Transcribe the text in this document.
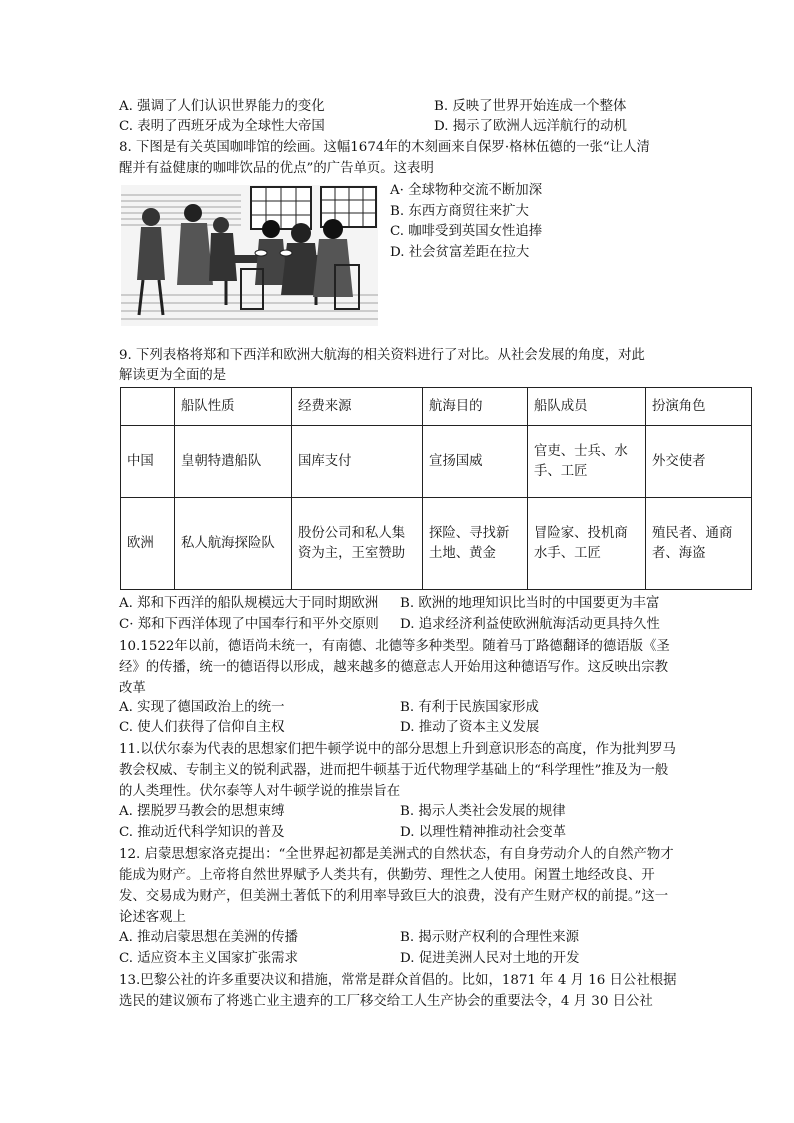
A. 强调了人们认识世界能力的变化	B. 反映了世界开始连成一个整体
C. 表明了西班牙成为全球性大帝国	D. 揭示了欧洲人远洋航行的动机
8. 下图是有关英国咖啡馆的绘画。这幅1674年的木刻画来自保罗·格林伍德的一张“让人清
醒并有益健康的咖啡饮品的优点”的广告单页。这表明
A· 全球物种交流不断加深
B. 东西方商贸往来扩大
C. 咖啡受到英国女性追捧
D. 社会贫富差距在拉大
9. 下列表格将郑和下西洋和欧洲大航海的相关资料进行了对比。从社会发展的角度，对此
解读更为全面的是
	船队性质	经费来源	航海目的	船队成员	扮演角色
中国	皇朝特遣船队	国库支付	宣扬国威	官吏、士兵、水手、工匠	外交使者
欧洲	私人航海探险队	股份公司和私人集资为主，王室赞助	探险、寻找新土地、黄金	冒险家、投机商水手、工匠	殖民者、通商者、海盗
A. 郑和下西洋的船队规模远大于同时期欧洲 B. 欧洲的地理知识比当时的中国要更为丰富
C· 郑和下西洋体现了中国奉行和平外交原则 D. 追求经济利益使欧洲航海活动更具持久性
10.1522年以前，德语尚未统一，有南德、北德等多种类型。随着马丁路德翻译的德语版《圣经》的传播，统一的德语得以形成，越来越多的德意志人开始用这种德语写作。这反映出宗教改革
A. 实现了德国政治上的统一	B. 有利于民族国家形成
C. 使人们获得了信仰自主权	D. 推动了资本主义发展
11.以伏尔泰为代表的思想家们把牛顿学说中的部分思想上升到意识形态的高度，作为批判罗马教会权威、专制主义的锐利武器，进而把牛顿基于近代物理学基础上的“科学理性”推及为一般的人类理性。伏尔泰等人对牛顿学说的推崇旨在
A. 摆脱罗马教会的思想束缚	B. 揭示人类社会发展的规律
C. 推动近代科学知识的普及	D. 以理性精神推动社会变革
12. 启蒙思想家洛克提出：“全世界起初都是美洲式的自然状态，有自身劳动介人的自然产物才能成为财产。上帝将自然世界赋予人类共有，供勤劳、理性之人使用。闲置土地经改良、开发、交易成为财产，但美洲土著低下的利用率导致巨大的浪费，没有产生财产权的前提。”这一论述客观上
A. 推动启蒙思想在美洲的传播	B. 揭示财产权利的合理性来源
C. 适应资本主义国家扩张需求	D. 促进美洲人民对土地的开发
13.巴黎公社的许多重要决议和措施，常常是群众首倡的。比如，1871 年 4 月 16 日公社根据选民的建议颁布了将逃亡业主遗弃的工厂移交给工人生产协会的重要法令，4 月 30 日公社
